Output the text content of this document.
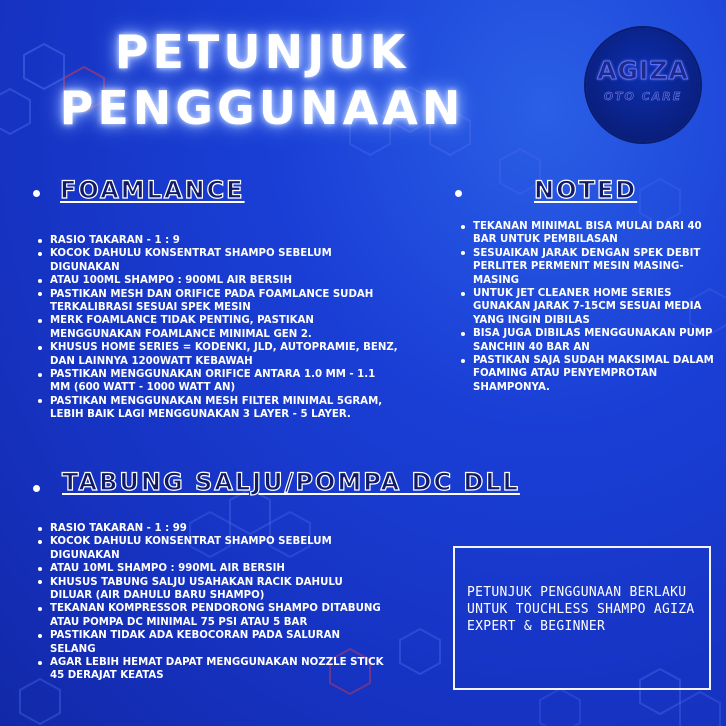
PETUNJUK
PENGGUNAAN
AGIZA
OTO CARE
FOAMLANCE
RASIO TAKARAN - 1 : 9
KOCOK DAHULU KONSENTRAT SHAMPO SEBELUM DIGUNAKAN
ATAU 100ML SHAMPO : 900ML AIR BERSIH
PASTIKAN MESH DAN ORIFICE PADA FOAMLANCE SUDAH TERKALIBRASI SESUAI SPEK MESIN
MERK FOAMLANCE TIDAK PENTING, PASTIKAN MENGGUNAKAN FOAMLANCE MINIMAL GEN 2.
KHUSUS HOME SERIES = KODENKI, JLD, AUTOPRAMIE, BENZ, DAN LAINNYA 1200WATT KEBAWAH
PASTIKAN MENGGUNAKAN ORIFICE ANTARA 1.0 MM - 1.1 MM (600 WATT - 1000 WATT AN)
PASTIKAN MENGGUNAKAN MESH FILTER MINIMAL 5GRAM, LEBIH BAIK LAGI MENGGUNAKAN 3 LAYER - 5 LAYER.
NOTED
TEKANAN MINIMAL BISA MULAI DARI 40 BAR UNTUK PEMBILASAN
SESUAIKAN JARAK DENGAN SPEK DEBIT PERLITER PERMENIT MESIN MASING-MASING
UNTUK JET CLEANER HOME SERIES GUNAKAN JARAK 7-15CM SESUAI MEDIA YANG INGIN DIBILAS
BISA JUGA DIBILAS MENGGUNAKAN PUMP SANCHIN 40 BAR AN
PASTIKAN SAJA SUDAH MAKSIMAL DALAM FOAMING ATAU PENYEMPROTAN SHAMPONYA.
TABUNG SALJU/POMPA DC DLL
RASIO TAKARAN - 1 : 99
KOCOK DAHULU KONSENTRAT SHAMPO SEBELUM DIGUNAKAN
ATAU 10ML SHAMPO : 990ML AIR BERSIH
KHUSUS TABUNG SALJU USAHAKAN RACIK DAHULU DILUAR (AIR DAHULU BARU SHAMPO)
TEKANAN KOMPRESSOR PENDORONG SHAMPO DITABUNG ATAU POMPA DC MINIMAL 75 PSI ATAU 5 BAR
PASTIKAN TIDAK ADA KEBOCORAN PADA SALURAN SELANG
AGAR LEBIH HEMAT DAPAT MENGGUNAKAN NOZZLE STICK 45 DERAJAT KEATAS
PETUNJUK PENGGUNAAN BERLAKU UNTUK TOUCHLESS SHAMPO AGIZA EXPERT & BEGINNER
